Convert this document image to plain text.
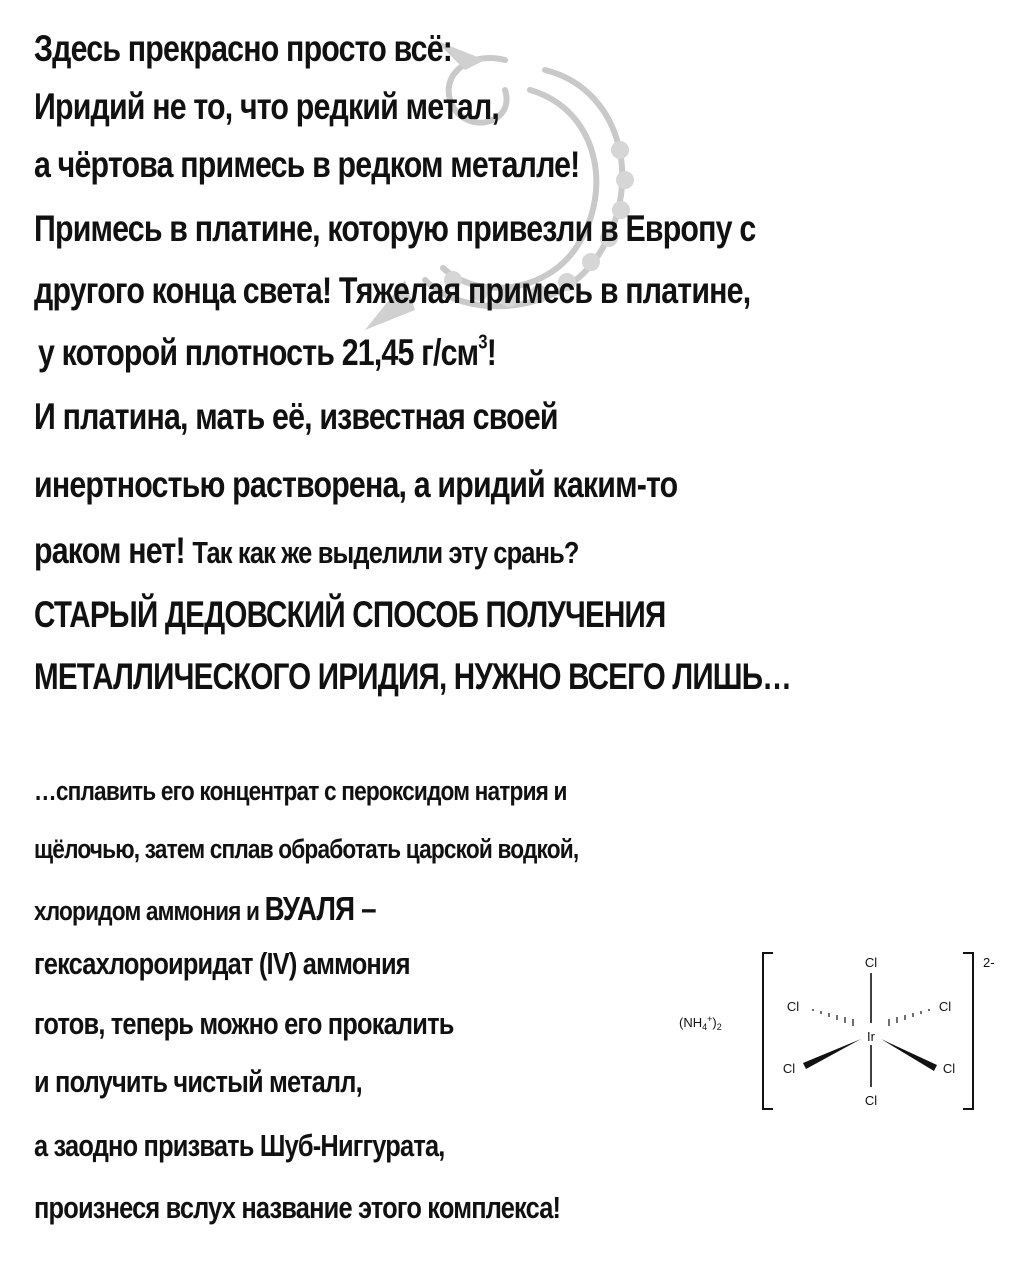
Здесь прекрасно просто всё:
Иридий не то, что редкий метал,
а чёртова примесь в редком металле!
Примесь в платине, которую привезли в Европу с
другого конца света! Тяжелая примесь в платине,
у которой плотность 21,45 $г/см^3$!
И платина, мать её, известная своей
инертностью растворена, а иридий каким-то
раком нет! Так как же выделили эту срань?
СТАРЫЙ ДЕДОВСКИЙ СПОСОБ ПОЛУЧЕНИЯ
МЕТАЛЛИЧЕСКОГО ИРИДИЯ, НУЖНО ВСЕГО ЛИШЬ…
…сплавить его концентрат с пероксидом натрия и
щёлочью, затем сплав обработать царской водкой,
хлоридом аммония и ВУАЛЯ –
гексахлороиридат (IV) аммония
готов, теперь можно его прокалить
и получить чистый металл,
а заодно призвать Шуб-Ниггурата,
произнеся вслух название этого комплекса!
$(NH_4^+)_2$
2-
Ir
Cl
Cl
Cl	Cl
Cl	Cl
